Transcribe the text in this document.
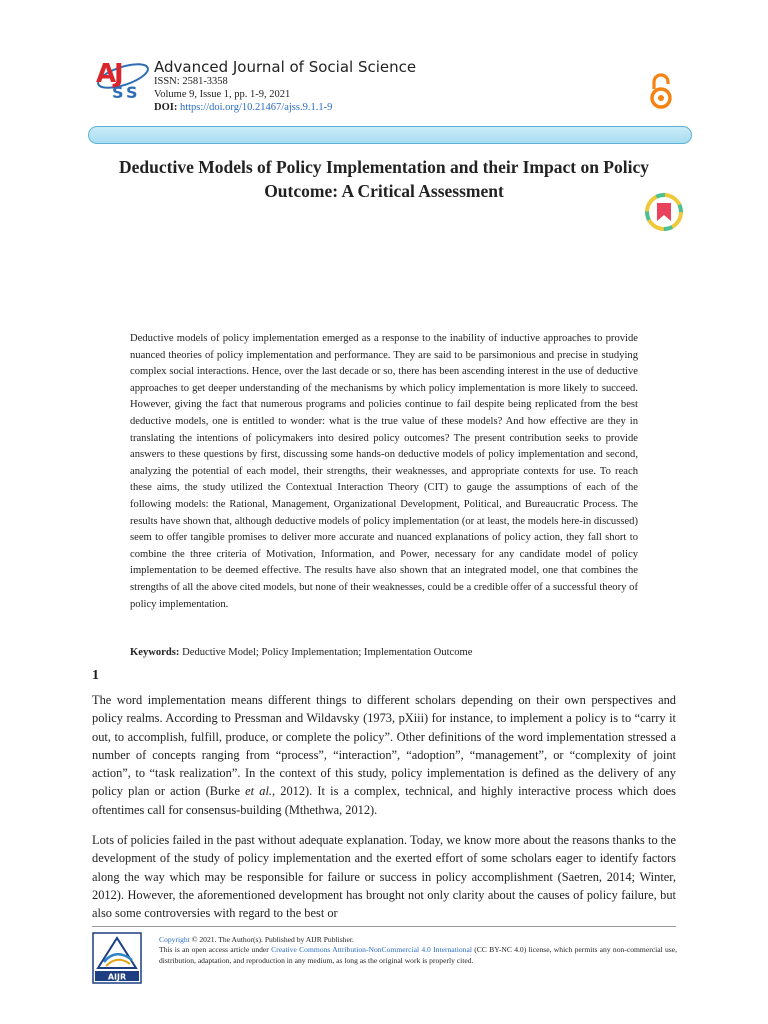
A
J
S S
Advanced Journal of Social Science
ISSN: 2581-3358
Volume 9, Issue 1, pp. 1-9, 2021
DOI: https://doi.org/10.21467/ajss.9.1.1-9
Deductive Models of Policy Implementation and their Impact on Policy Outcome: A Critical Assessment
Deductive models of policy implementation emerged as a response to the inability of inductive approaches to provide nuanced theories of policy implementation and performance. They are said to be parsimonious and precise in studying complex social interactions. Hence, over the last decade or so, there has been ascending interest in the use of deductive approaches to get deeper understanding of the mechanisms by which policy implementation is more likely to succeed. However, giving the fact that numerous programs and policies continue to fail despite being replicated from the best deductive models, one is entitled to wonder: what is the true value of these models? And how effective are they in translating the intentions of policymakers into desired policy outcomes? The present contribution seeks to provide answers to these questions by first, discussing some hands-on deductive models of policy implementation and second, analyzing the potential of each model, their strengths, their weaknesses, and appropriate contexts for use. To reach these aims, the study utilized the Contextual Interaction Theory (CIT) to gauge the assumptions of each of the following models: the Rational, Management, Organizational Development, Political, and Bureaucratic Process. The results have shown that, although deductive models of policy implementation (or at least, the models here-in discussed) seem to offer tangible promises to deliver more accurate and nuanced explanations of policy action, they fall short to combine the three criteria of Motivation, Information, and Power, necessary for any candidate model of policy implementation to be deemed effective. The results have also shown that an integrated model, one that combines the strengths of all the above cited models, but none of their weaknesses, could be a credible offer of a successful theory of policy implementation.
Keywords: Deductive Model; Policy Implementation; Implementation Outcome
1
The word implementation means different things to different scholars depending on their own perspectives and policy realms. According to Pressman and Wildavsky (1973, pXiii) for instance, to implement a policy is to “carry it out, to accomplish, fulfill, produce, or complete the policy”. Other definitions of the word implementation stressed a number of concepts ranging from “process”, “interaction”, “adoption”, “management”, or “complexity of joint action”, to “task realization”. In the context of this study, policy implementation is defined as the delivery of any policy plan or action (Burke et al., 2012). It is a complex, technical, and highly interactive process which does oftentimes call for consensus-building (Mthethwa, 2012).
Lots of policies failed in the past without adequate explanation. Today, we know more about the reasons thanks to the development of the study of policy implementation and the exerted effort of some scholars eager to identify factors along the way which may be responsible for failure or success in policy accomplishment (Saetren, 2014; Winter, 2012). However, the aforementioned development has brought not only clarity about the causes of policy failure, but also some controversies with regard to the best or
AIJR
Copyright © 2021. The Author(s). Published by AIJR Publisher.
This is an open access article under Creative Commons Attribution-NonCommercial 4.0 International (CC BY-NC 4.0) license, which permits any non-commercial use, distribution, adaptation, and reproduction in any medium, as long as the original work is properly cited.
